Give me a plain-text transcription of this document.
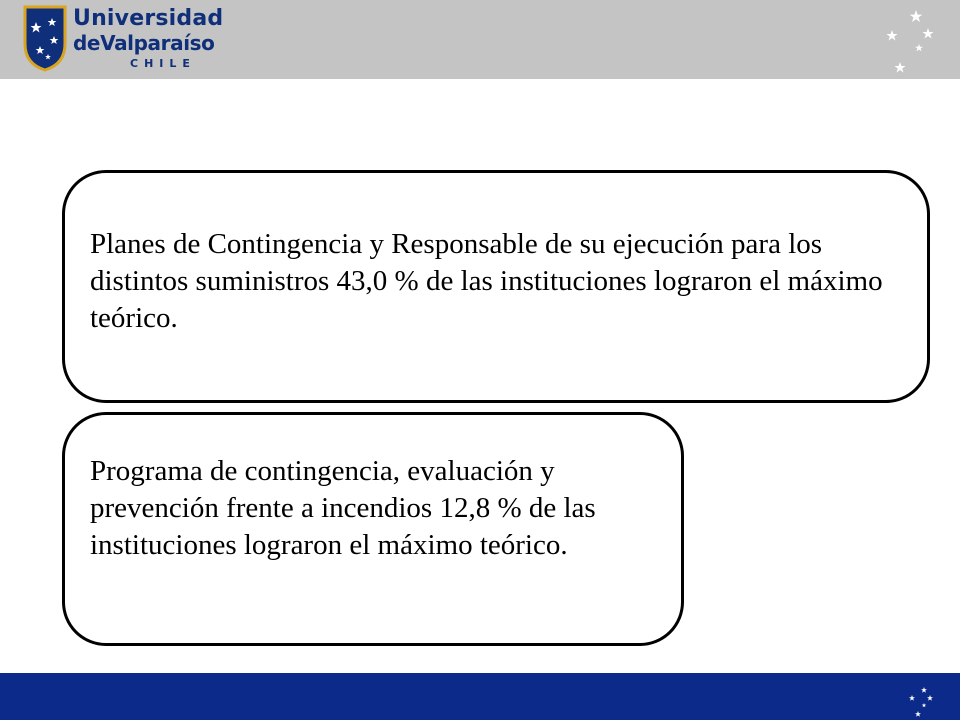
Universidad
deValparaíso
CHILE

Planes de Contingencia y Responsable de su ejecución para los distintos suministros 43,0 % de las instituciones lograron el máximo teórico.

Programa de contingencia, evaluación y prevención frente a incendios 12,8 % de las instituciones lograron el máximo teórico.
